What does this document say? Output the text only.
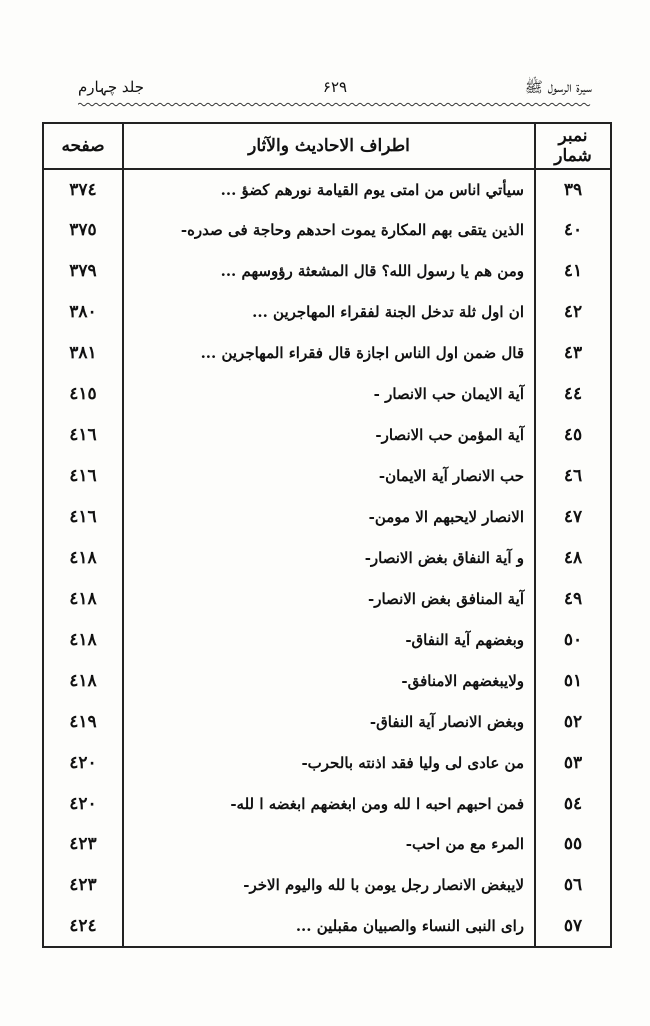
سیرۃ الرسول ﷺ
۶۲۹
جلد چہارم
نمبر شمار	اطراف الاحادیث والآثار	صفحه
٣٩	سيأتي اناس من امتى يوم القيامة نورهم كضؤ ...	٣٧٤
٤٠	الذين يتقى بهم المكارة يموت احدهم وحاجة فى صدره-	٣٧٥
٤١	ومن هم يا رسول الله؟ قال المشعثة رؤوسهم ...	٣٧٩
٤٢	ان اول ثلة تدخل الجنة لفقراء المهاجرين ...	٣٨٠
٤٣	قال ضمن اول الناس اجازة قال فقراء المهاجرين ...	٣٨١
٤٤	آية الايمان حب الانصار -	٤١٥
٤٥	آية المؤمن حب الانصار-	٤١٦
٤٦	حب الانصار آية الايمان-	٤١٦
٤٧	الانصار لايحبهم الا مومن-	٤١٦
٤٨	و آية النفاق بغض الانصار-	٤١٨
٤٩	آية المنافق بغض الانصار-	٤١٨
٥٠	وبغضهم آية النفاق-	٤١٨
٥١	ولايبغضهم الامنافق-	٤١٨
٥٢	وبغض الانصار آية النفاق-	٤١٩
٥٣	من عادى لى وليا فقد اذنته بالحرب-	٤٢٠
٥٤	فمن احبهم احبه ا لله ومن ابغضهم ابغضه ا لله-	٤٢٠
٥٥	المرء مع من احب-	٤٢٣
٥٦	لايبغض الانصار رجل يومن با لله واليوم الاخر-	٤٢٣
٥٧	راى النبى النساء والصبيان مقبلين ...	٤٢٤
